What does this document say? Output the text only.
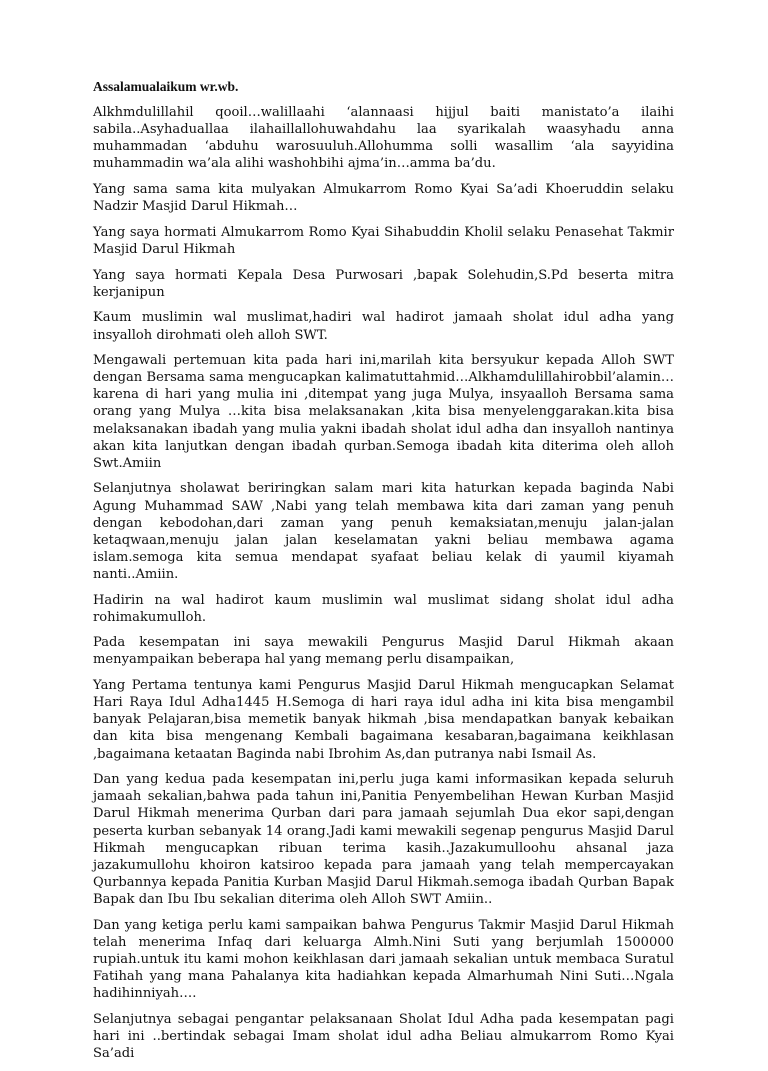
Assalamualaikum wr.wb.

Alkhmdulillahil qooil…walillaahi ‘alannaasi hijjul baiti manistato’a ilaihi sabila..Asyhaduallaa ilahaillallohuwahdahu laa syarikalah waasyhadu anna muhammadan ‘abduhu warosuuluh.Allohumma solli wasallim ‘ala sayyidina muhammadin wa’ala alihi washohbihi ajma’in…amma ba’du.

Yang sama sama kita mulyakan Almukarrom Romo Kyai Sa’adi Khoeruddin selaku Nadzir Masjid Darul Hikmah…

Yang saya hormati Almukarrom Romo Kyai Sihabuddin Kholil selaku Penasehat Takmir Masjid Darul Hikmah

Yang saya hormati Kepala Desa Purwosari ,bapak Solehudin,S.Pd beserta mitra kerjanipun

Kaum muslimin wal muslimat,hadiri wal hadirot jamaah sholat idul adha yang insyalloh dirohmati oleh alloh SWT.

Mengawali pertemuan kita pada hari ini,marilah kita bersyukur kepada Alloh SWT dengan Bersama sama mengucapkan kalimatuttahmid…Alkhamdulillahirobbil’alamin…karena di hari yang mulia ini ,ditempat yang juga Mulya, insyaalloh Bersama sama orang yang Mulya …kita bisa melaksanakan ,kita bisa menyelenggarakan.kita bisa melaksanakan ibadah yang mulia yakni ibadah sholat idul adha dan insyalloh nantinya akan kita lanjutkan dengan ibadah qurban.Semoga ibadah kita diterima oleh alloh Swt.Amiin

Selanjutnya sholawat beriringkan salam mari kita haturkan kepada baginda Nabi Agung Muhammad SAW ,Nabi yang telah membawa kita dari zaman yang penuh dengan kebodohan,dari zaman yang penuh kemaksiatan,menuju jalan-jalan ketaqwaan,menuju jalan jalan keselamatan yakni beliau membawa agama islam.semoga kita semua mendapat syafaat beliau kelak di yaumil kiyamah nanti..Amiin.

Hadirin na wal hadirot kaum muslimin wal muslimat sidang sholat idul adha rohimakumulloh.

Pada kesempatan ini saya mewakili Pengurus Masjid Darul Hikmah akaan menyampaikan beberapa hal yang memang perlu disampaikan,

Yang Pertama tentunya kami Pengurus Masjid Darul Hikmah mengucapkan Selamat Hari Raya Idul Adha1445 H.Semoga di hari raya idul adha ini kita bisa mengambil banyak Pelajaran,bisa memetik banyak hikmah ,bisa mendapatkan banyak kebaikan dan kita bisa mengenang Kembali bagaimana kesabaran,bagaimana keikhlasan ,bagaimana ketaatan Baginda nabi Ibrohim As,dan putranya nabi Ismail As.

Dan yang kedua pada kesempatan ini,perlu juga kami informasikan kepada seluruh jamaah sekalian,bahwa pada tahun ini,Panitia Penyembelihan Hewan Kurban Masjid Darul Hikmah menerima Qurban dari para jamaah sejumlah Dua ekor sapi,dengan peserta kurban sebanyak 14 orang.Jadi kami mewakili segenap pengurus Masjid Darul Hikmah mengucapkan ribuan terima kasih..Jazakumulloohu ahsanal jaza jazakumullohu khoiron katsiroo kepada para jamaah yang telah mempercayakan Qurbannya kepada Panitia Kurban Masjid Darul Hikmah.semoga ibadah Qurban Bapak Bapak dan Ibu Ibu sekalian diterima oleh Alloh SWT Amiin..

Dan yang ketiga perlu kami sampaikan bahwa Pengurus Takmir Masjid Darul Hikmah telah menerima Infaq dari keluarga Almh.Nini Suti yang berjumlah 1500000 rupiah.untuk itu kami mohon keikhlasan dari jamaah sekalian untuk membaca Suratul Fatihah yang mana Pahalanya kita hadiahkan kepada Almarhumah Nini Suti…Ngala hadihinniyah….

Selanjutnya sebagai pengantar pelaksanaan Sholat Idul Adha pada kesempatan pagi hari ini ..bertindak sebagai Imam sholat idul adha Beliau almukarrom Romo Kyai Sa’adi
